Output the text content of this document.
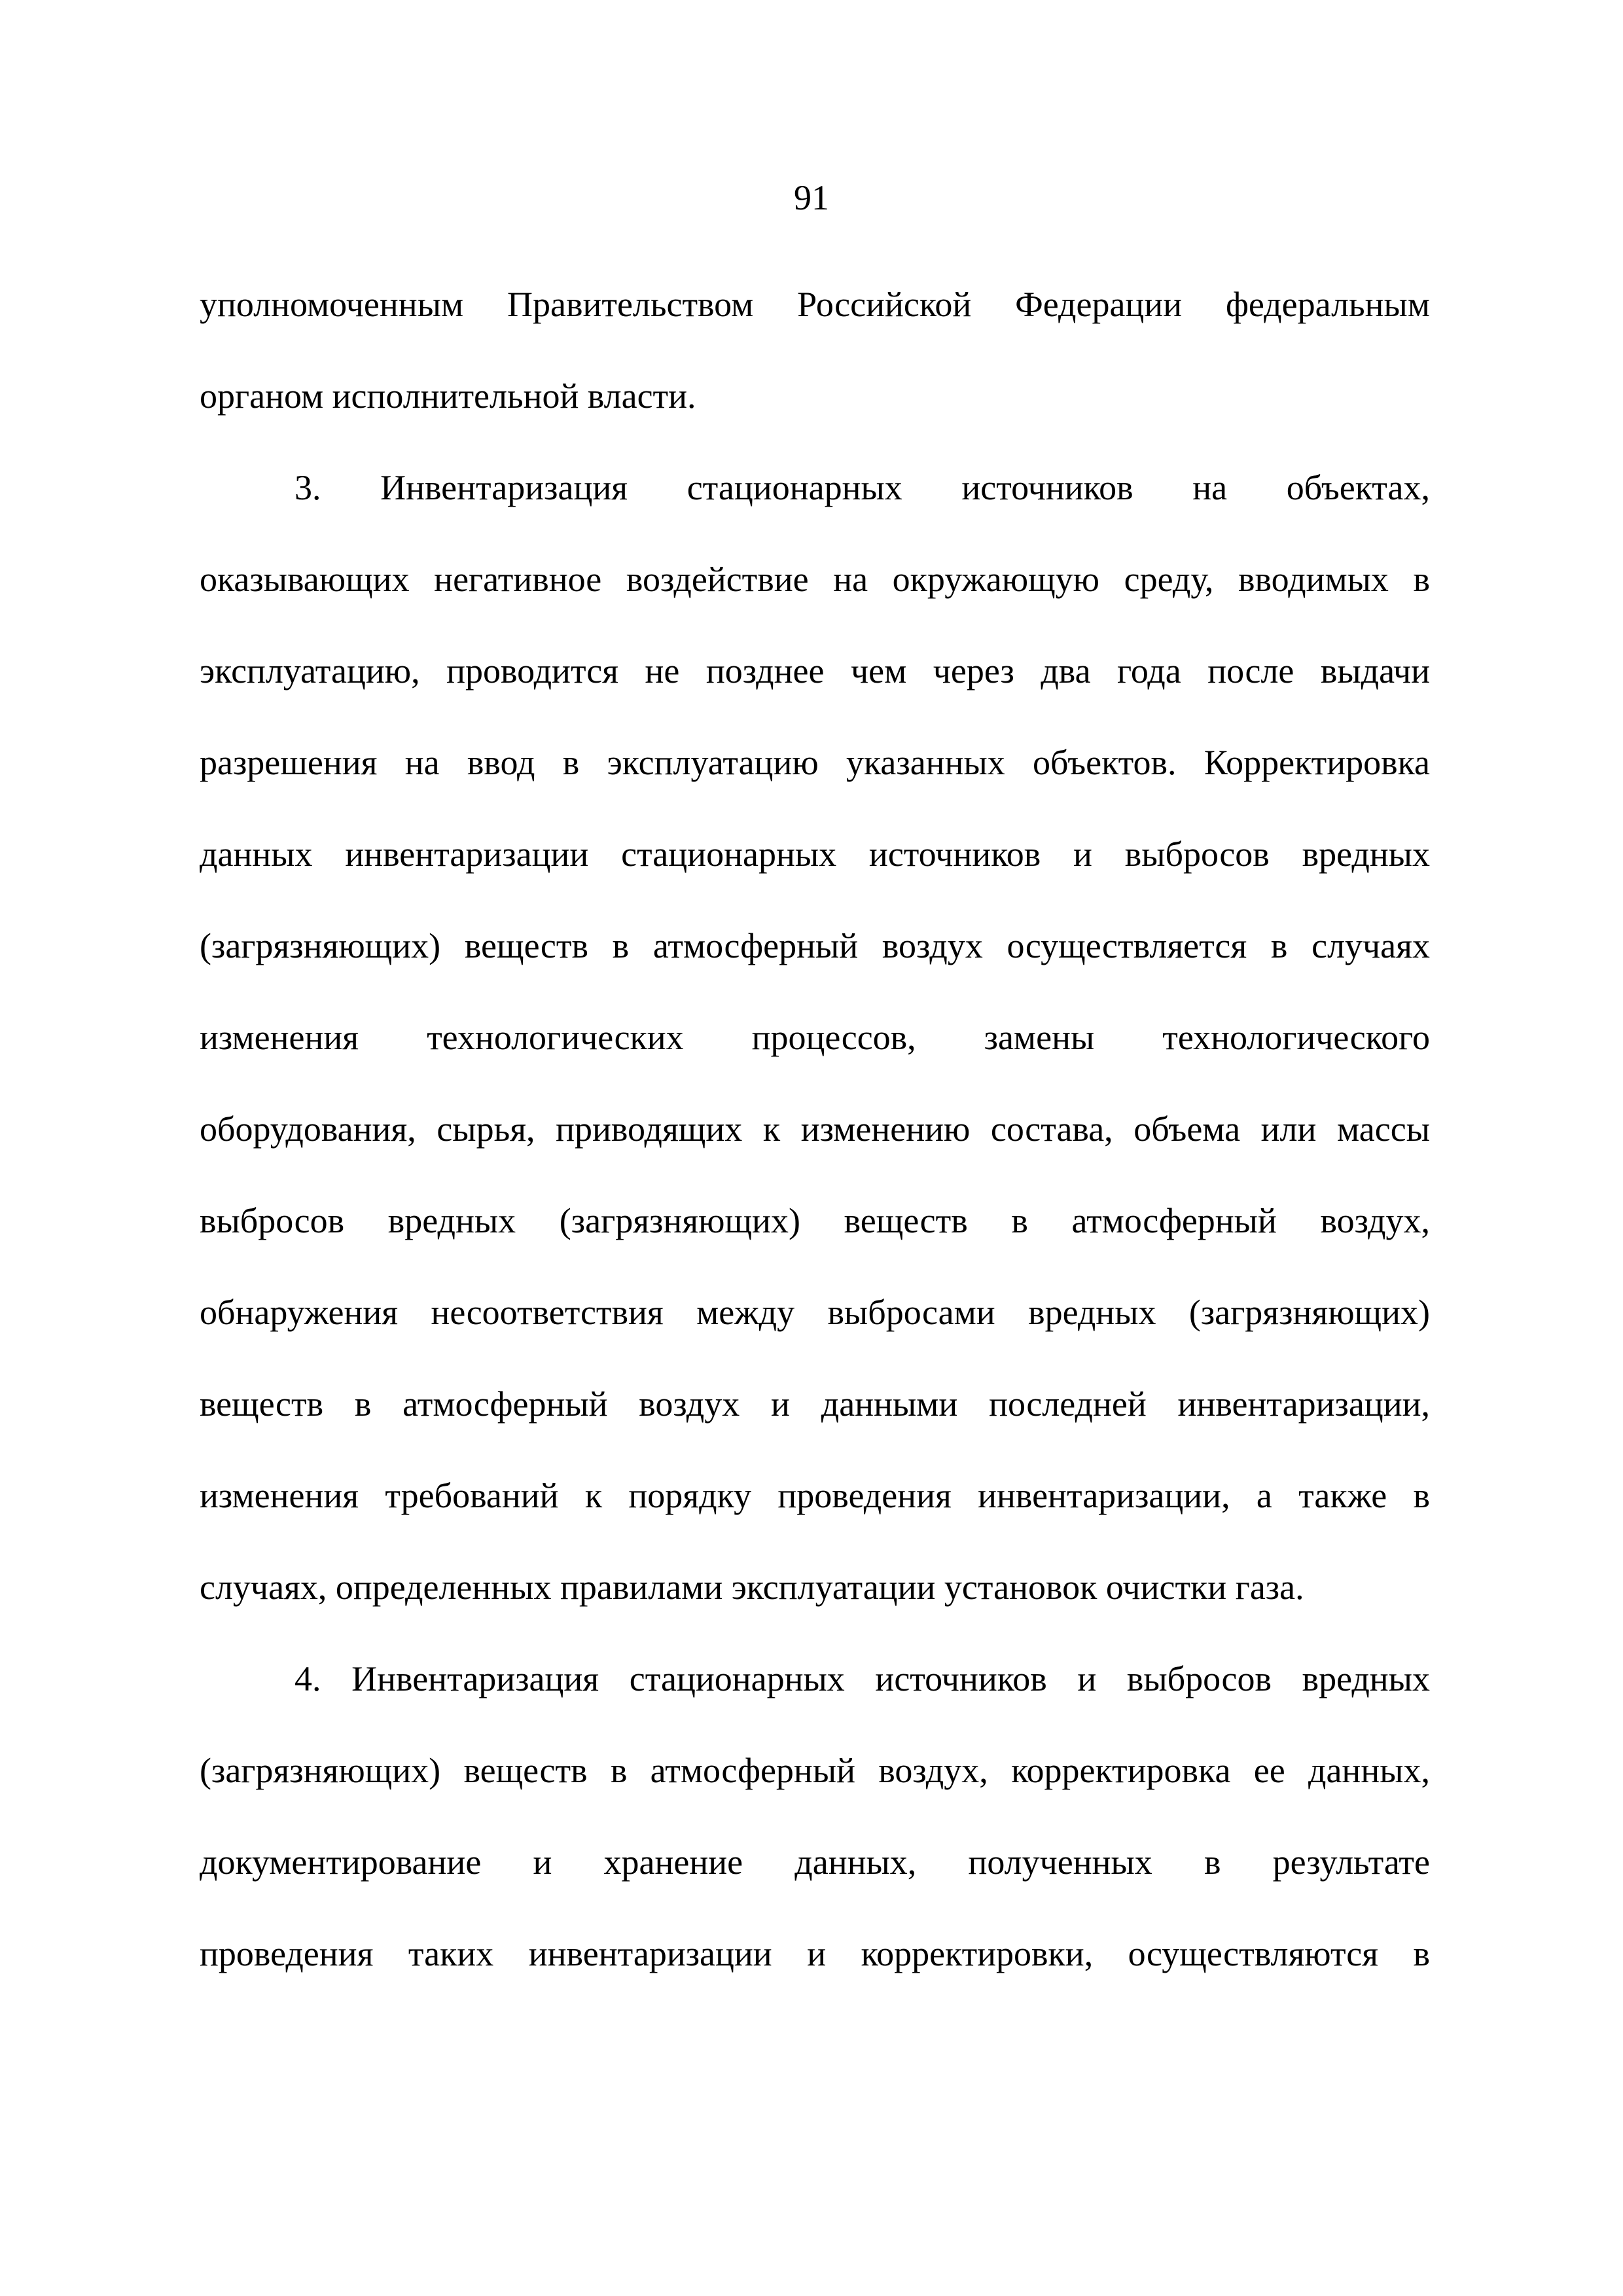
91
уполномоченным Правительством Российской Федерации федеральным
органом исполнительной власти.
3. Инвентаризация стационарных источников на объектах,
оказывающих негативное воздействие на окружающую среду, вводимых в
эксплуатацию, проводится не позднее чем через два года после выдачи
разрешения на ввод в эксплуатацию указанных объектов. Корректировка
данных инвентаризации стационарных источников и выбросов вредных
(загрязняющих) веществ в атмосферный воздух осуществляется в случаях
изменения технологических процессов, замены технологического
оборудования, сырья, приводящих к изменению состава, объема или массы
выбросов вредных (загрязняющих) веществ в атмосферный воздух,
обнаружения несоответствия между выбросами вредных (загрязняющих)
веществ в атмосферный воздух и данными последней инвентаризации,
изменения требований к порядку проведения инвентаризации, а также в
случаях, определенных правилами эксплуатации установок очистки газа.
4. Инвентаризация стационарных источников и выбросов вредных
(загрязняющих) веществ в атмосферный воздух, корректировка ее данных,
документирование и хранение данных, полученных в результате
проведения таких инвентаризации и корректировки, осуществляются в
